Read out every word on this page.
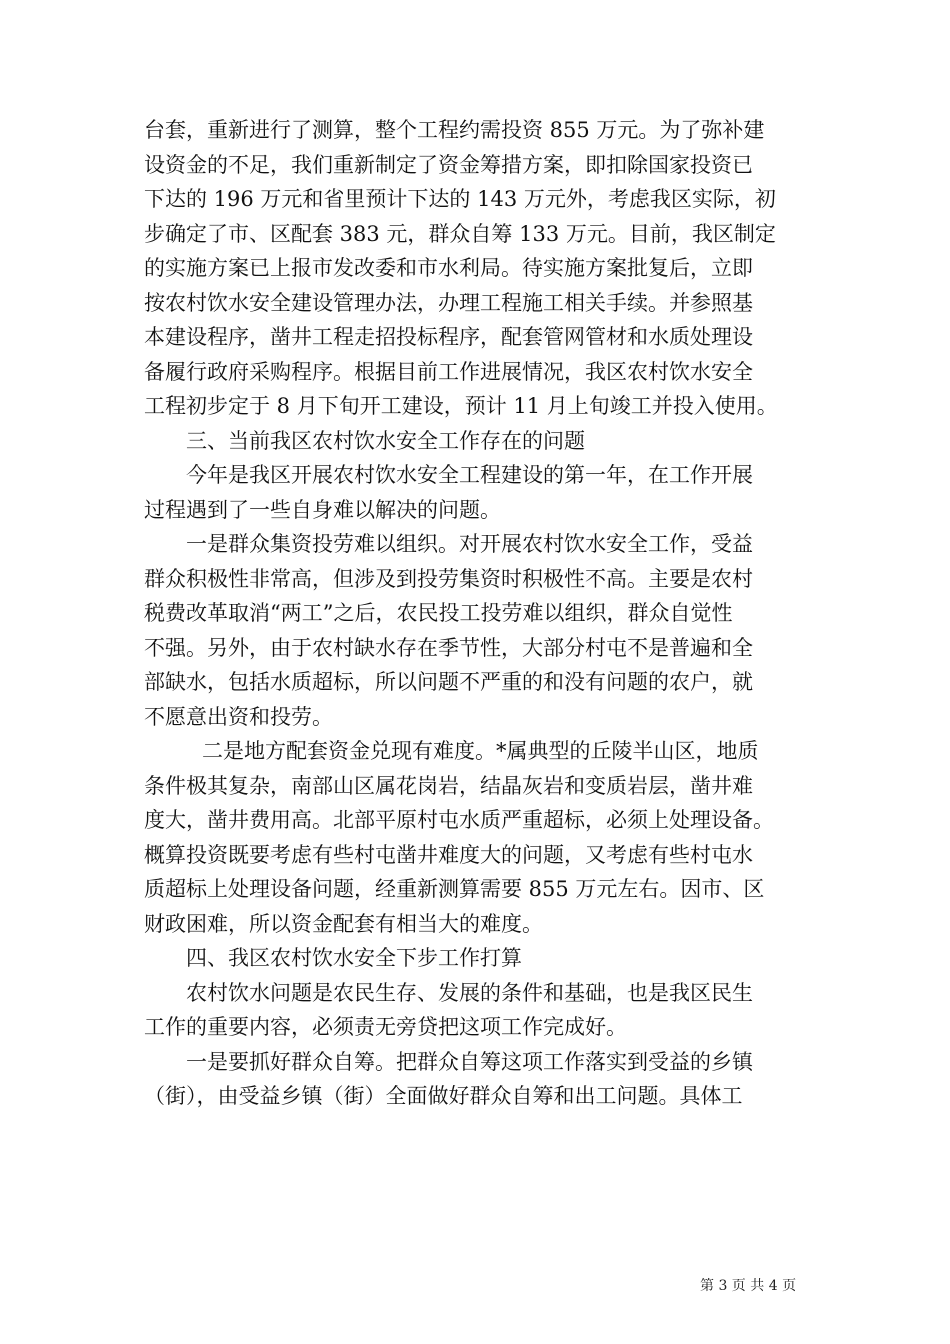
台套，重新进行了测算，整个工程约需投资 855 万元。为了弥补建
设资金的不足，我们重新制定了资金筹措方案，即扣除国家投资已
下达的 196 万元和省里预计下达的 143 万元外，考虑我区实际，初
步确定了市、区配套 383 元，群众自筹 133 万元。目前，我区制定
的实施方案已上报市发改委和市水利局。待实施方案批复后，立即
按农村饮水安全建设管理办法，办理工程施工相关手续。并参照基
本建设程序，凿井工程走招投标程序，配套管网管材和水质处理设
备履行政府采购程序。根据目前工作进展情况，我区农村饮水安全
工程初步定于 8 月下旬开工建设，预计 11 月上旬竣工并投入使用。
三、当前我区农村饮水安全工作存在的问题
今年是我区开展农村饮水安全工程建设的第一年，在工作开展
过程遇到了一些自身难以解决的问题。
一是群众集资投劳难以组织。对开展农村饮水安全工作，受益
群众积极性非常高，但涉及到投劳集资时积极性不高。主要是农村
税费改革取消“两工”之后，农民投工投劳难以组织，群众自觉性
不强。另外，由于农村缺水存在季节性，大部分村屯不是普遍和全
部缺水，包括水质超标，所以问题不严重的和没有问题的农户，就
不愿意出资和投劳。
二是地方配套资金兑现有难度。*属典型的丘陵半山区，地质
条件极其复杂，南部山区属花岗岩，结晶灰岩和变质岩层，凿井难
度大，凿井费用高。北部平原村屯水质严重超标，必须上处理设备。
概算投资既要考虑有些村屯凿井难度大的问题，又考虑有些村屯水
质超标上处理设备问题，经重新测算需要 855 万元左右。因市、区
财政困难，所以资金配套有相当大的难度。
四、我区农村饮水安全下步工作打算
农村饮水问题是农民生存、发展的条件和基础，也是我区民生
工作的重要内容，必须责无旁贷把这项工作完成好。
一是要抓好群众自筹。把群众自筹这项工作落实到受益的乡镇
（街），由受益乡镇（街）全面做好群众自筹和出工问题。具体工
第 3 页 共 4 页
